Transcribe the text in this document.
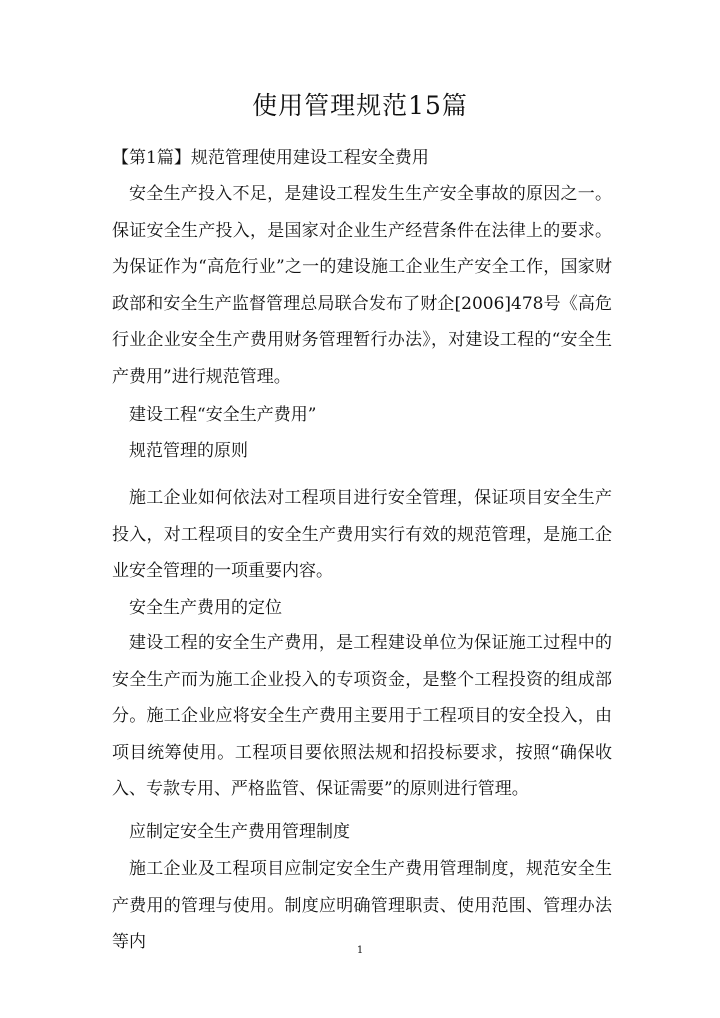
使用管理规范15篇

【第1篇】规范管理使用建设工程安全费用

安全生产投入不足，是建设工程发生生产安全事故的原因之一。保证安全生产投入，是国家对企业生产经营条件在法律上的要求。为保证作为“高危行业”之一的建设施工企业生产安全工作，国家财政部和安全生产监督管理总局联合发布了财企[2006]478号《高危行业企业安全生产费用财务管理暂行办法》，对建设工程的“安全生产费用”进行规范管理。

建设工程“安全生产费用”

规范管理的原则

施工企业如何依法对工程项目进行安全管理，保证项目安全生产投入，对工程项目的安全生产费用实行有效的规范管理，是施工企业安全管理的一项重要内容。

安全生产费用的定位

建设工程的安全生产费用，是工程建设单位为保证施工过程中的安全生产而为施工企业投入的专项资金，是整个工程投资的组成部分。施工企业应将安全生产费用主要用于工程项目的安全投入，由项目统筹使用。工程项目要依照法规和招投标要求，按照“确保收入、专款专用、严格监管、保证需要”的原则进行管理。

应制定安全生产费用管理制度

施工企业及工程项目应制定安全生产费用管理制度，规范安全生产费用的管理与使用。制度应明确管理职责、使用范围、管理办法等内	1
